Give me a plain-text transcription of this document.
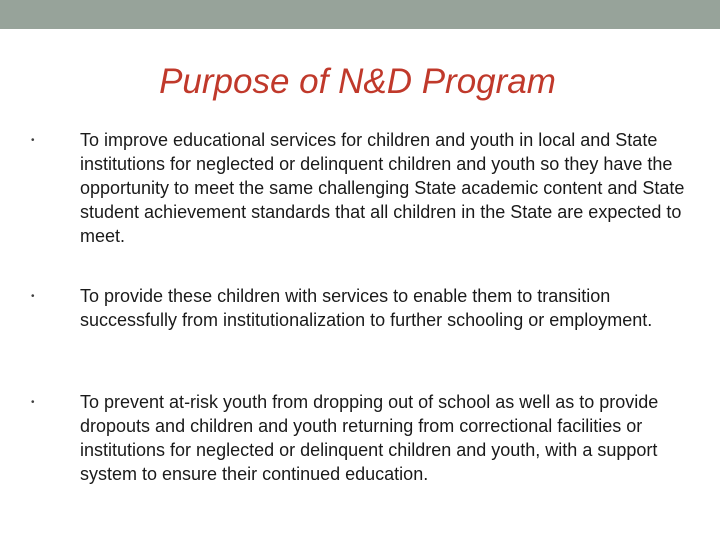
Purpose of N&D Program
•	To improve educational services for children and youth in local and State institutions for neglected or delinquent children and youth so they have the opportunity to meet the same challenging State academic content and State student achievement standards that all children in the State are expected to meet.
•	To provide these children with services to enable them to transition successfully from institutionalization to further schooling or employment.
•	To prevent at-risk youth from dropping out of school as well as to provide dropouts and children and youth returning from correctional facilities or institutions for neglected or delinquent children and youth, with a support system to ensure their continued education.
